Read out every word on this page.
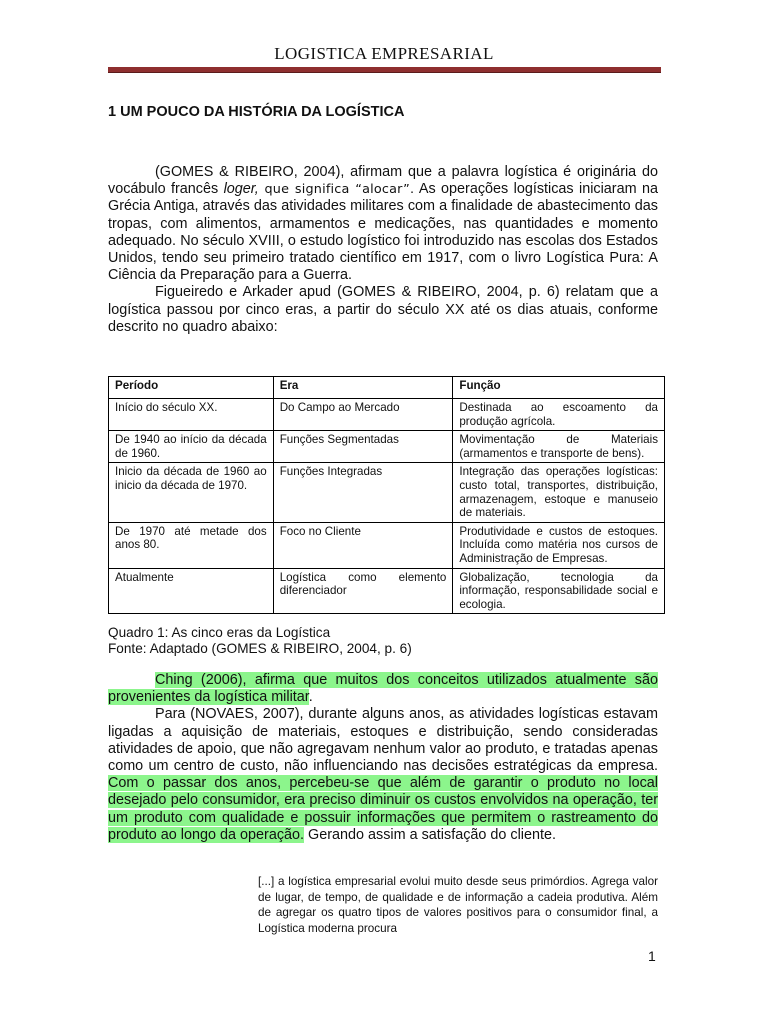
LOGISTICA EMPRESARIAL
1 UM POUCO DA HISTÓRIA DA LOGÍSTICA

(GOMES & RIBEIRO, 2004), afirmam que a palavra logística é originária do vocábulo francês loger, que significa “alocar”. As operações logísticas iniciaram na Grécia Antiga, através das atividades militares com a finalidade de abastecimento das tropas, com alimentos, armamentos e medicações, nas quantidades e momento adequado. No século XVIII, o estudo logístico foi introduzido nas escolas dos Estados Unidos, tendo seu primeiro tratado científico em 1917, com o livro Logística Pura: A Ciência da Preparação para a Guerra.

Figueiredo e Arkader apud (GOMES & RIBEIRO, 2004, p. 6) relatam que a logística passou por cinco eras, a partir do século XX até os dias atuais, conforme descrito no quadro abaixo:

Período	Era	Função
Início do século XX.	Do Campo ao Mercado	Destinada ao escoamento da produção agrícola.
De 1940 ao início da década de 1960.	Funções Segmentadas	Movimentação de Materiais (armamentos e transporte de bens).
Inicio da década de 1960 ao inicio da década de 1970.	Funções Integradas	Integração das operações logísticas: custo total, transportes, distribuição, armazenagem, estoque e manuseio de materiais.
De 1970 até metade dos anos 80.	Foco no Cliente	Produtividade e custos de estoques. Incluída como matéria nos cursos de Administração de Empresas.
Atualmente	Logística como elemento diferenciador	Globalização, tecnologia da informação, responsabilidade social e ecologia.
Quadro 1: As cinco eras da Logística
Fonte: Adaptado (GOMES & RIBEIRO, 2004, p. 6)

Ching (2006), afirma que muitos dos conceitos utilizados atualmente são provenientes da logística militar.

Para (NOVAES, 2007), durante alguns anos, as atividades logísticas estavam ligadas a aquisição de materiais, estoques e distribuição, sendo consideradas atividades de apoio, que não agregavam nenhum valor ao produto, e tratadas apenas como um centro de custo, não influenciando nas decisões estratégicas da empresa. Com o passar dos anos, percebeu-se que além de garantir o produto no local desejado pelo consumidor, era preciso diminuir os custos envolvidos na operação, ter um produto com qualidade e possuir informações que permitem o rastreamento do produto ao longo da operação. Gerando assim a satisfação do cliente.

[...] a logística empresarial evolui muito desde seus primórdios. Agrega valor de lugar, de tempo, de qualidade e de informação a cadeia produtiva. Além de agregar os quatro tipos de valores positivos para o consumidor final, a Logística moderna procura
1
